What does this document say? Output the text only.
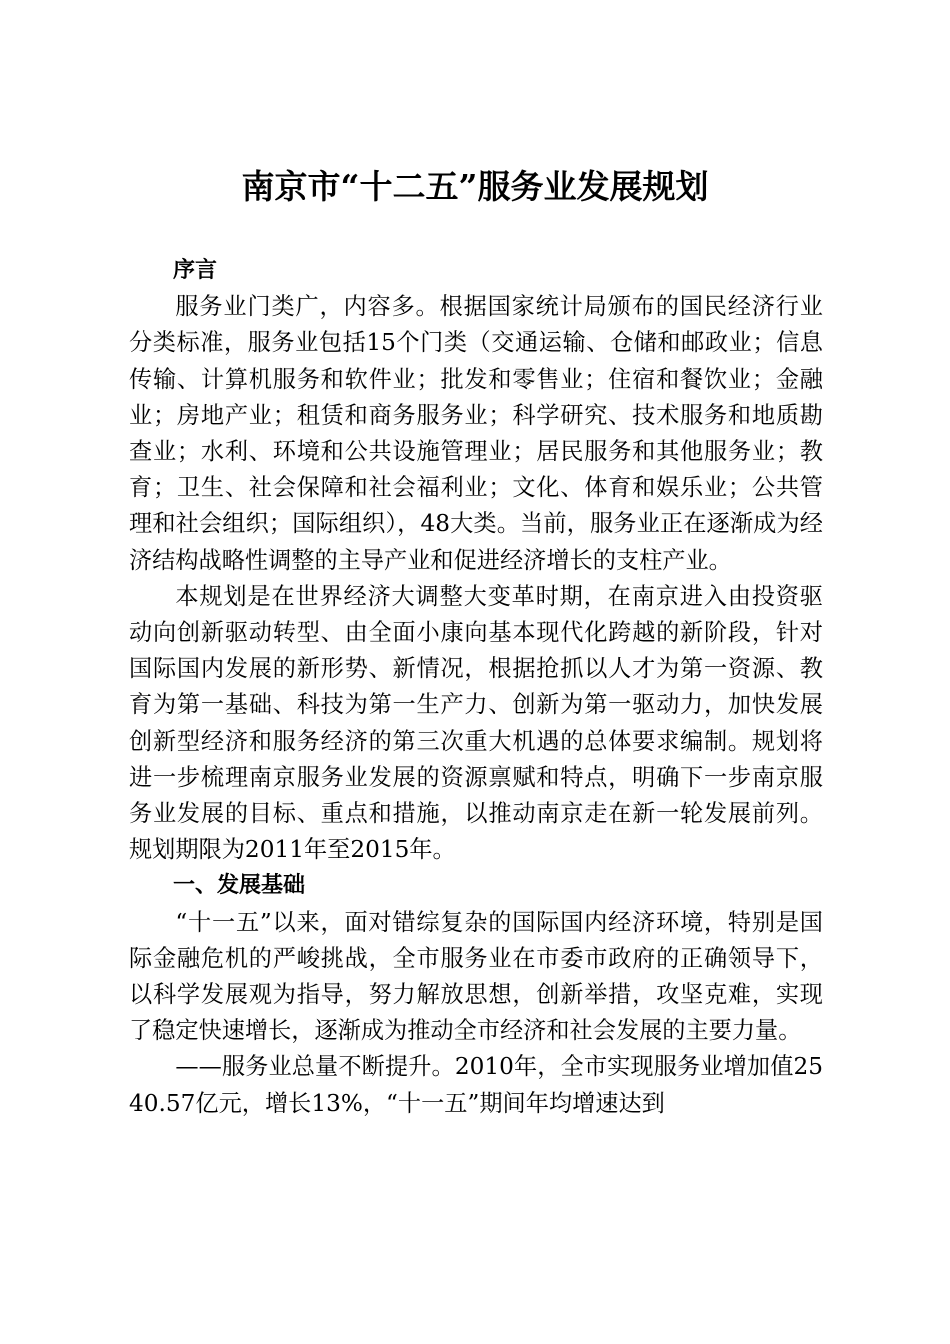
南京市“十二五”服务业发展规划
序言

服务业门类广，内容多。根据国家统计局颁布的国民经济行业分类标准，服务业包括15个门类（交通运输、仓储和邮政业；信息传输、计算机服务和软件业；批发和零售业；住宿和餐饮业；金融业；房地产业；租赁和商务服务业；科学研究、技术服务和地质勘查业；水利、环境和公共设施管理业；居民服务和其他服务业；教育；卫生、社会保障和社会福利业；文化、体育和娱乐业；公共管理和社会组织；国际组织），48大类。当前，服务业正在逐渐成为经济结构战略性调整的主导产业和促进经济增长的支柱产业。

本规划是在世界经济大调整大变革时期，在南京进入由投资驱动向创新驱动转型、由全面小康向基本现代化跨越的新阶段，针对国际国内发展的新形势、新情况，根据抢抓以人才为第一资源、教育为第一基础、科技为第一生产力、创新为第一驱动力，加快发展创新型经济和服务经济的第三次重大机遇的总体要求编制。规划将进一步梳理南京服务业发展的资源禀赋和特点，明确下一步南京服务业发展的目标、重点和措施，以推动南京走在新一轮发展前列。规划期限为2011年至2015年。

一、发展基础

“十一五”以来，面对错综复杂的国际国内经济环境，特别是国际金融危机的严峻挑战，全市服务业在市委市政府的正确领导下，以科学发展观为指导，努力解放思想，创新举措，攻坚克难，实现了稳定快速增长，逐渐成为推动全市经济和社会发展的主要力量。

——服务业总量不断提升。2010年，全市实现服务业增加值2540.57亿元，增长13%，“十一五”期间年均增速达到
